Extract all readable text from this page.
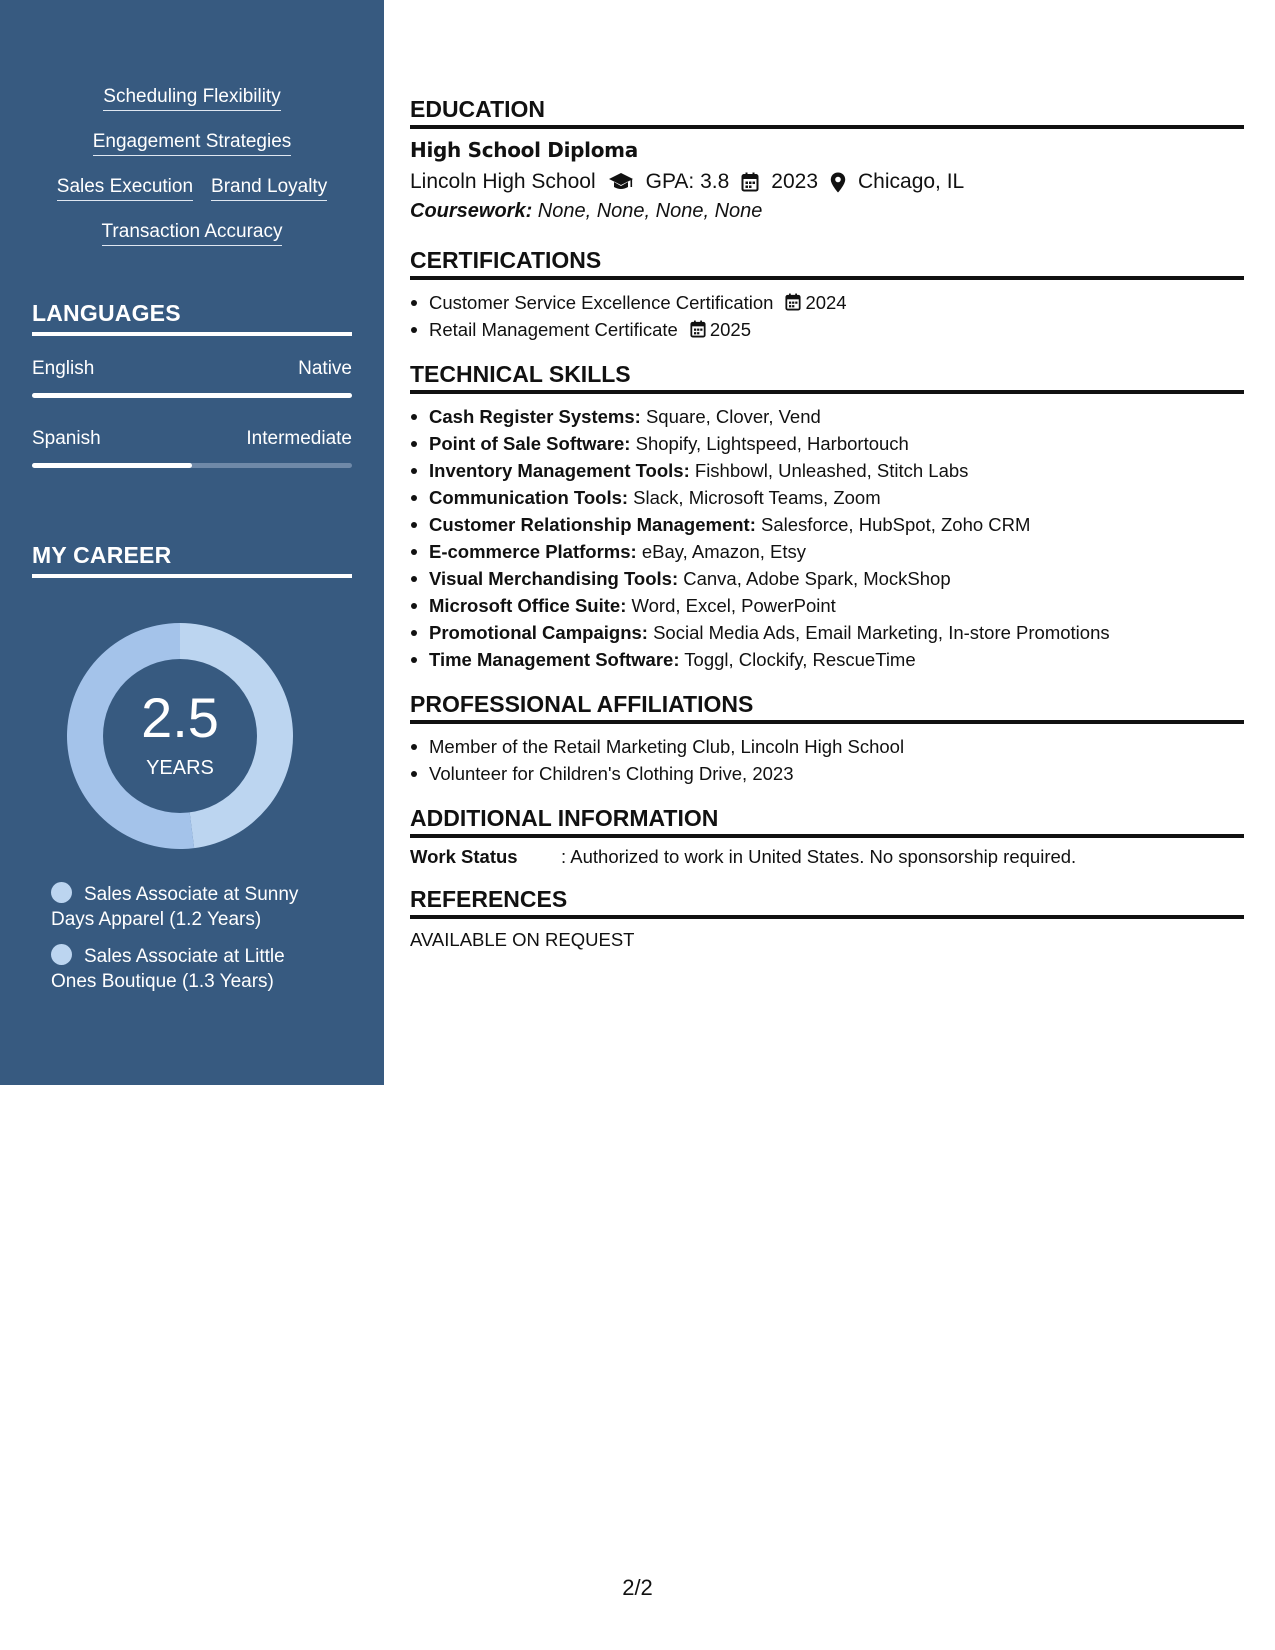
Scheduling Flexibility
Engagement Strategies
Sales Execution Brand Loyalty
Transaction Accuracy
LANGUAGES
English	Native
Spanish	Intermediate
MY CAREER
2.5
YEARS
Sales Associate at Sunny Days Apparel (1.2 Years)
Sales Associate at Little Ones Boutique (1.3 Years)
EDUCATION
High School Diploma
Lincoln High School GPA: 3.8 2023 Chicago, IL
Coursework: None, None, None, None
CERTIFICATIONS
Customer Service Excellence Certification 2024
Retail Management Certificate 2025
TECHNICAL SKILLS
Cash Register Systems: Square, Clover, Vend
Point of Sale Software: Shopify, Lightspeed, Harbortouch
Inventory Management Tools: Fishbowl, Unleashed, Stitch Labs
Communication Tools: Slack, Microsoft Teams, Zoom
Customer Relationship Management: Salesforce, HubSpot, Zoho CRM
E-commerce Platforms: eBay, Amazon, Etsy
Visual Merchandising Tools: Canva, Adobe Spark, MockShop
Microsoft Office Suite: Word, Excel, PowerPoint
Promotional Campaigns: Social Media Ads, Email Marketing, In-store Promotions
Time Management Software: Toggl, Clockify, RescueTime
PROFESSIONAL AFFILIATIONS
Member of the Retail Marketing Club, Lincoln High School
Volunteer for Children's Clothing Drive, 2023
ADDITIONAL INFORMATION
Work Status	: Authorized to work in United States. No sponsorship required.
REFERENCES
AVAILABLE ON REQUEST
2/2
